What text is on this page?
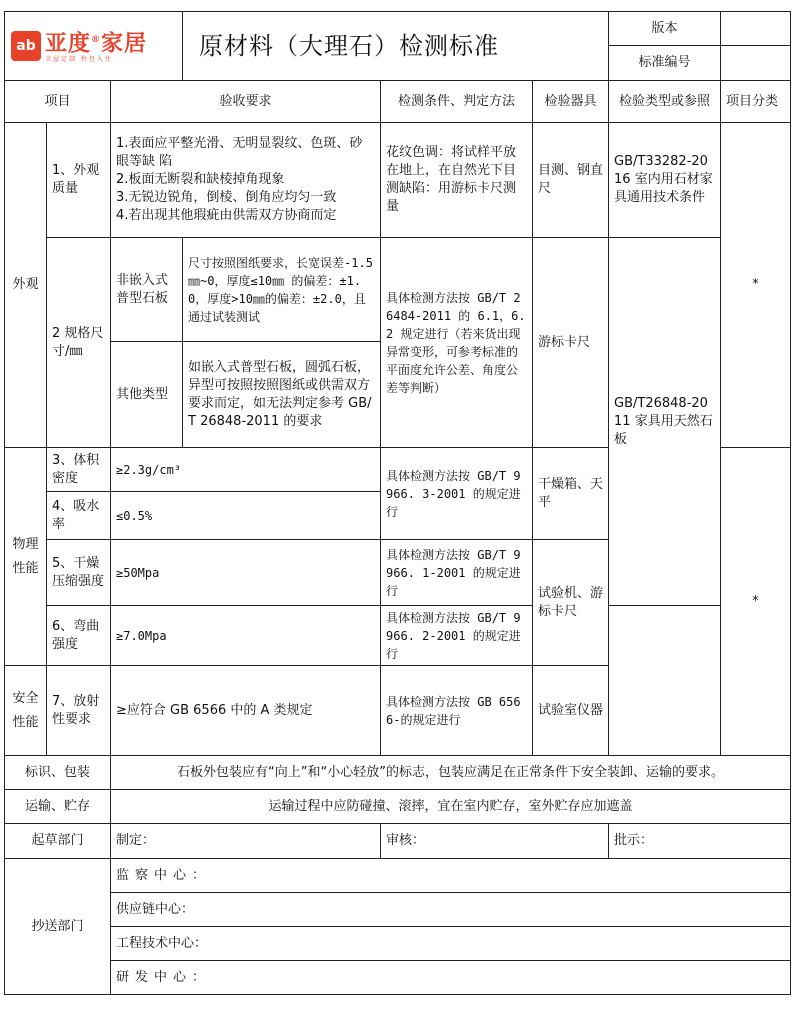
ab 亚度®家居
全屋定制 拎包入住			原材料（大理石）检测标准			版本	
						标准编号	
项目		验收要求		检测条件、判定方法	检验器具	检验类型或参照	项目分类
外观	1、外观质量	1.表面应平整光滑、无明显裂纹、色斑、砂眼等缺 陷
2.板面无断裂和缺棱掉角现象
3.无锐边锐角，倒棱、倒角应均匀一致
4.若出现其他瑕疵由供需双方协商而定		花纹色调：将试样平放在地上，在自然光下目测缺陷：用游标卡尺测量	目测、钢直尺	GB/T33282-2016 室内用石材家具通用技术条件	*
	2 规格尺寸/㎜	非嵌入式普型石板	尺寸按照图纸要求，长宽误差-1.5㎜~0，厚度≤10㎜ 的偏差：±1.0，厚度>10㎜的偏差：±2.0，且通过试装测试	具体检测方法按 GB/T 26484-2011 的 6.1，6.2 规定进行（若来货出现异常变形，可参考标准的平面度允许公差、角度公差等判断）	游标卡尺	GB/T26848-2011 家具用天然石板	
		其他类型	如嵌入式普型石板，圆弧石板，异型可按照按照图纸或供需双方要求而定，如无法判定参考 GB/T 26848-2011 的要求				
物理性能	3、体积密度	≥2.3g/cm³		具体检测方法按 GB/T 9966. 3-2001 的规定进行	干燥箱、天平		*
	4、吸水率	≤0.5%					
	5、干燥压缩强度	≥50Mpa		具体检测方法按 GB/T 9966. 1-2001 的规定进行	试验机、游标卡尺		
	6、弯曲强度	≥7.0Mpa		具体检测方法按 GB/T 9966. 2-2001 的规定进行			
安全性能	7、放射性要求	≥应符合 GB 6566 中的 A 类规定		具体检测方法按 GB 6566-的规定进行	试验室仪器		
标识、包装		石板外包装应有“向上”和“小心轻放”的标志，包装应满足在正常条件下安全装卸、运输的要求。					
运输、贮存		运输过程中应防碰撞、滚摔，宜在室内贮存，室外贮存应加遮盖					
起草部门		制定：		审核：		批示：	
抄送部门		监察中心：					
		供应链中心：					
		工程技术中心：					
		研发中心：					
